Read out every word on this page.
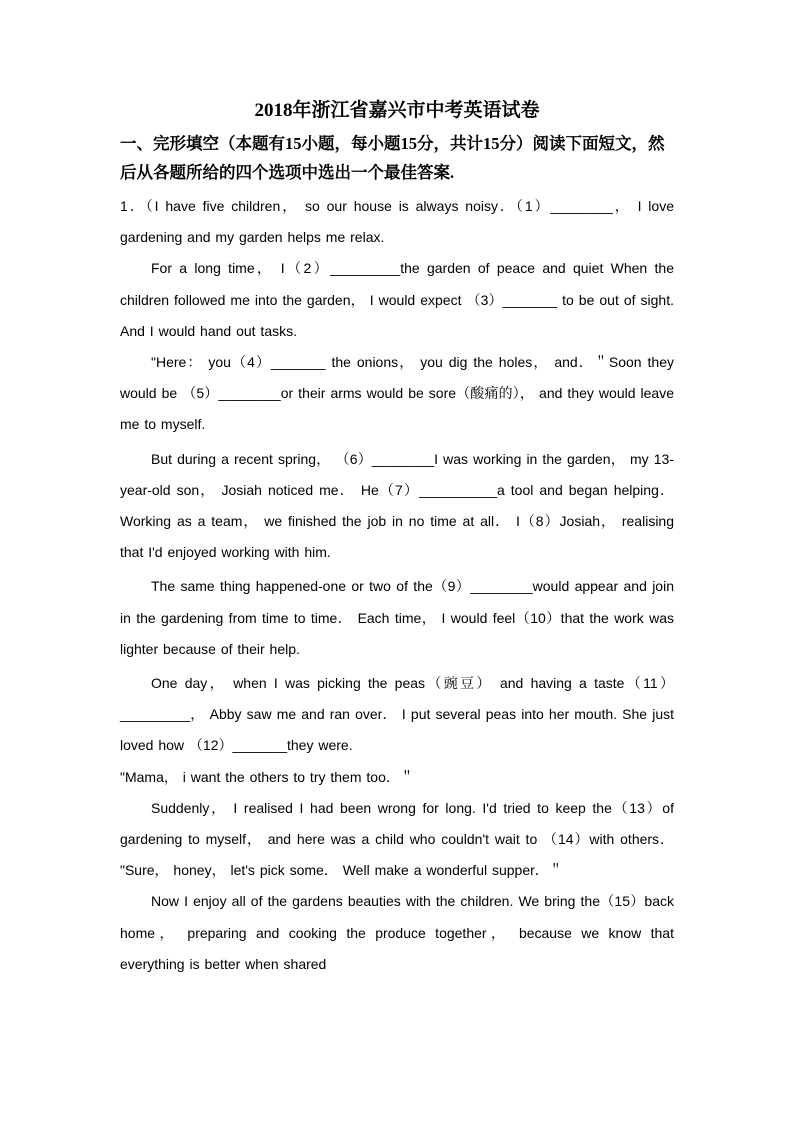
2018年浙江省嘉兴市中考英语试卷
一、完形填空（本题有15小题，每小题15分，共计15分）阅读下面短文，然后从各题所给的四个选项中选出一个最佳答案.

1．（I have five children， so our house is always noisy．（1）________， I love gardening and my garden helps me relax.

For a long time， I（2）_________the garden of peace and quiet When the children followed me into the garden， I would expect （3）_______ to be out of sight. And I would hand out tasks.

"Here： you（4）_______ the onions， you dig the holes， and．＂Soon they would be （5）________or their arms would be sore（酸痛的）， and they would leave me to myself.

But during a recent spring， （6）________I was working in the garden， my 13-year-old son， Josiah noticed me． He（7）__________a tool and began helping． Working as a team， we finished the job in no time at all． I（8）Josiah， realising that I'd enjoyed working with him.

The same thing happened-one or two of the（9）________would appear and join in the gardening from time to time． Each time， I would feel（10）that the work was lighter because of their help.

One day， when I was picking the peas（豌豆） and having a taste（11）_________， Abby saw me and ran over． I put several peas into her mouth. She just loved how （12）_______they were.

"Mama， i want the others to try them too．＂

Suddenly， I realised I had been wrong for long. I'd tried to keep the（13）of gardening to myself， and here was a child who couldn't wait to （14）with others． "Sure， honey， let's pick some． Well make a wonderful supper．＂

Now I enjoy all of the gardens beauties with the children. We bring the（15）back home， preparing and cooking the produce together， because we know that everything is better when shared
